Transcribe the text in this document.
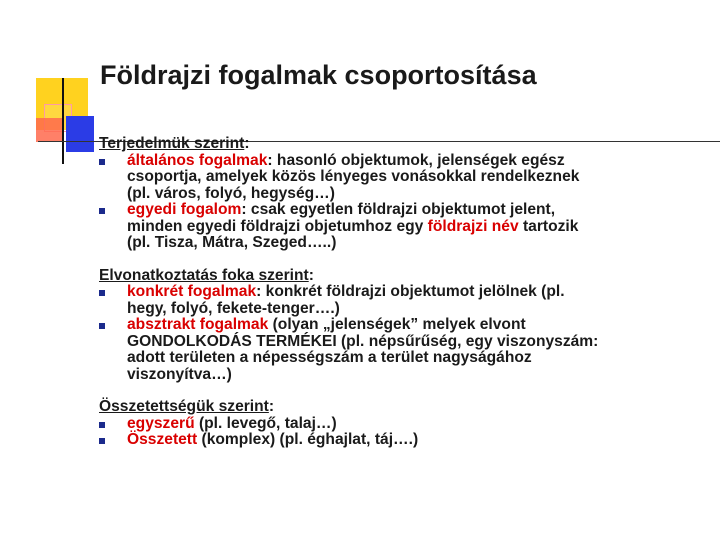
Földrajzi fogalmak csoportosítása
Terjedelmük szerint:
általános fogalmak: hasonló objektumok, jelenségek egész
csoportja, amelyek közös lényeges vonásokkal rendelkeznek
(pl. város, folyó, hegység…)
egyedi fogalom: csak egyetlen földrajzi objektumot jelent,
minden egyedi földrajzi objetumhoz egy földrajzi név tartozik
(pl. Tisza, Mátra, Szeged…..)
Elvonatkoztatás foka szerint:
konkrét fogalmak: konkrét földrajzi objektumot jelölnek (pl.
hegy, folyó, fekete-tenger….)
absztrakt fogalmak (olyan „jelenségek” melyek elvont
GONDOLKODÁS TERMÉKEI (pl. népsűrűség, egy viszonyszám:
adott területen a népességszám a terület nagyságához
viszonyítva…)
Összetettségük szerint:
egyszerű (pl. levegő, talaj…)
Összetett (komplex) (pl. éghajlat, táj….)
